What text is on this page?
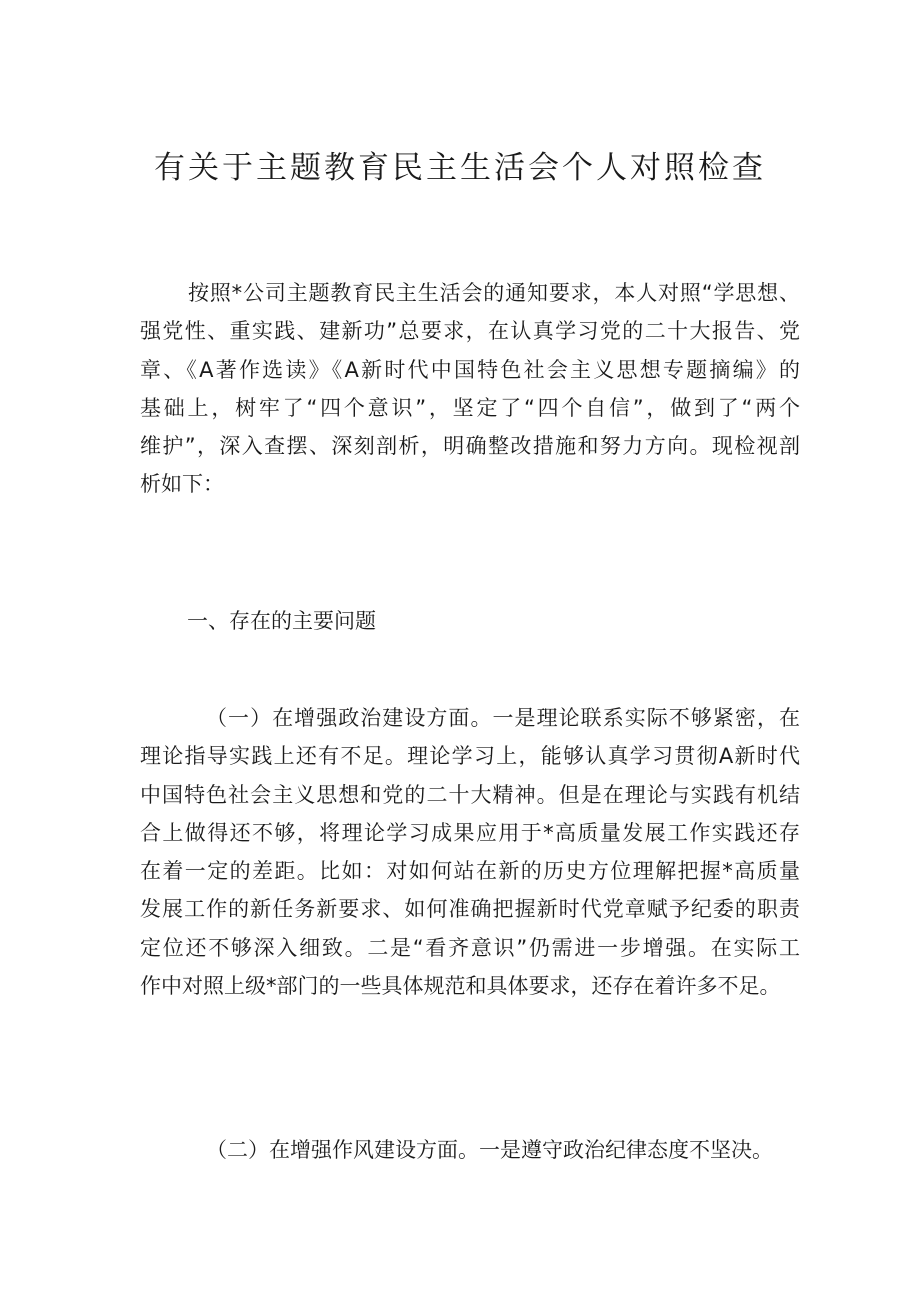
有关于主题教育民主生活会个人对照检查
按照*公司主题教育民主生活会的通知要求，本人对照“学思想、
强党性、重实践、建新功”总要求，在认真学习党的二十大报告、党
章、《A著作选读》《A新时代中国特色社会主义思想专题摘编》的
基础上，树牢了“四个意识”，坚定了“四个自信”，做到了“两个
维护”，深入查摆、深刻剖析，明确整改措施和努力方向。现检视剖
析如下：
一、存在的主要问题
（一）在增强政治建设方面。一是理论联系实际不够紧密，在
理论指导实践上还有不足。理论学习上，能够认真学习贯彻A新时代
中国特色社会主义思想和党的二十大精神。但是在理论与实践有机结
合上做得还不够，将理论学习成果应用于*高质量发展工作实践还存
在着一定的差距。比如：对如何站在新的历史方位理解把握*高质量
发展工作的新任务新要求、如何准确把握新时代党章赋予纪委的职责
定位还不够深入细致。二是“看齐意识”仍需进一步增强。在实际工
作中对照上级*部门的一些具体规范和具体要求，还存在着许多不足。
（二）在增强作风建设方面。一是遵守政治纪律态度不坚决。
